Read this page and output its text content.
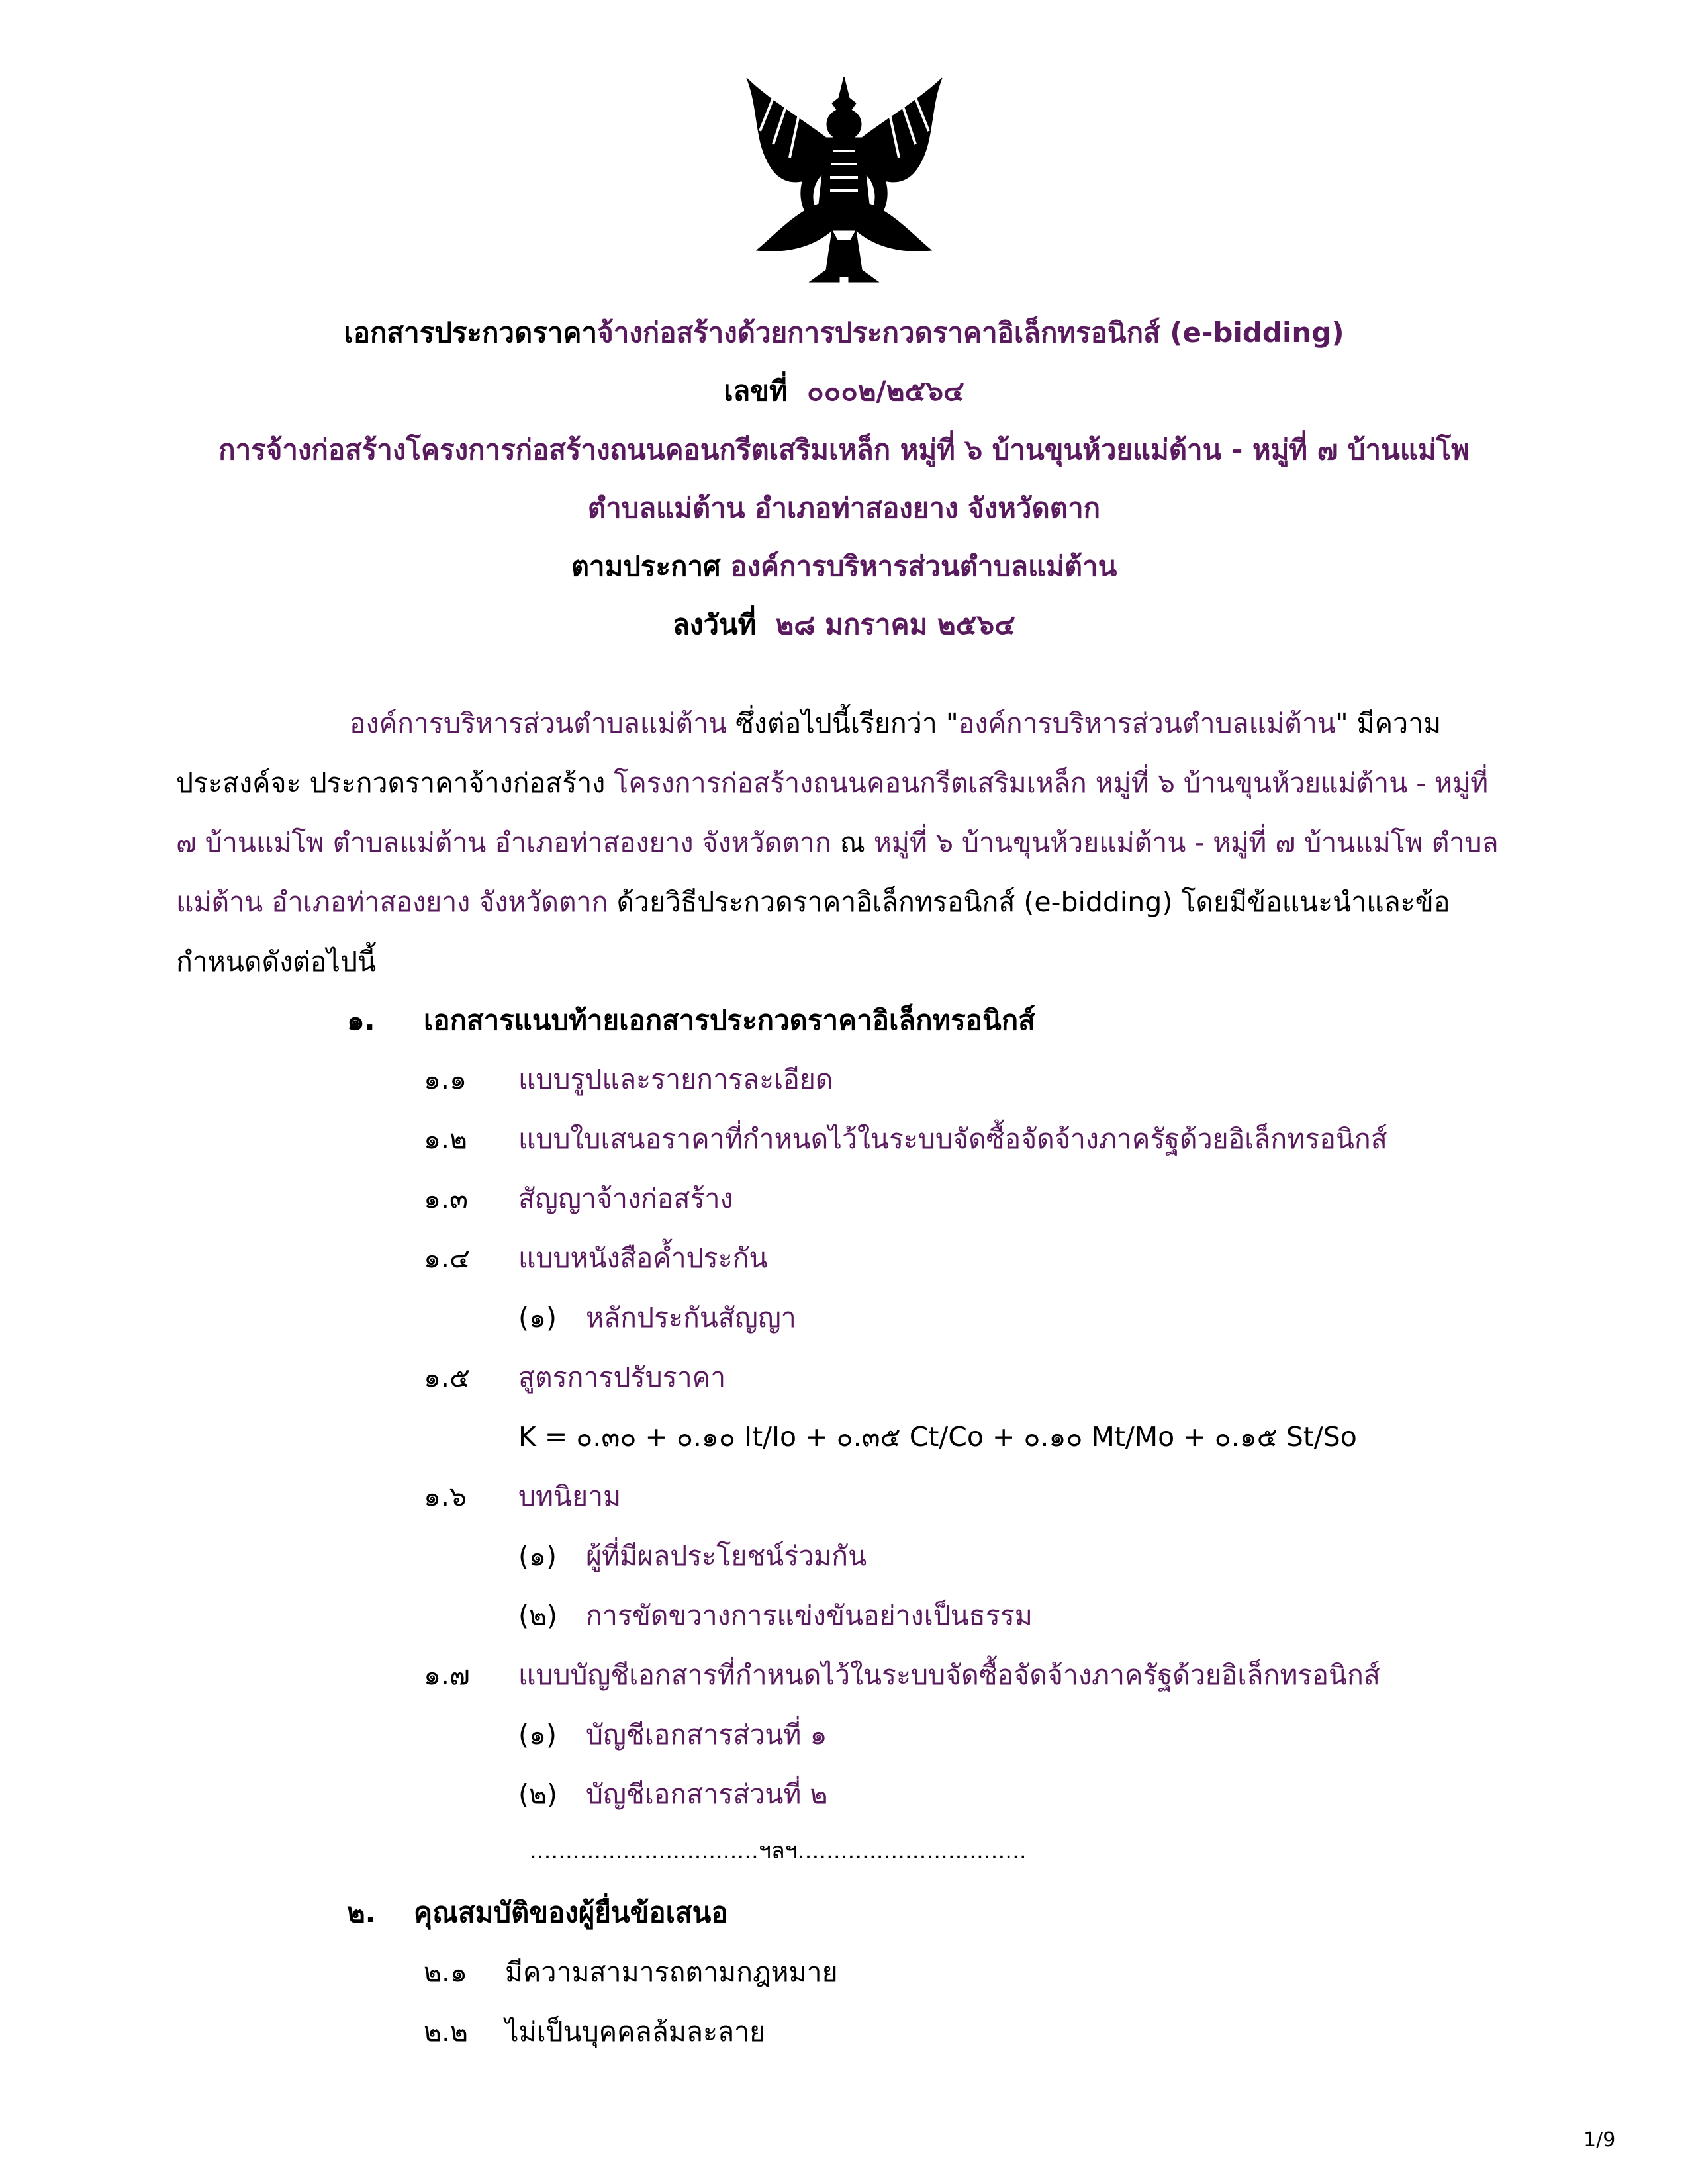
เอกสารประกวดราคาจ้างก่อสร้างด้วยการประกวดราคาอิเล็กทรอนิกส์ (e-bidding)
เลขที่ ๐๐๐๒/๒๕๖๔
การจ้างก่อสร้างโครงการก่อสร้างถนนคอนกรีตเสริมเหล็ก หมู่ที่ ๖ บ้านขุนห้วยแม่ต้าน - หมู่ที่ ๗ บ้านแม่โพ
ตำบลแม่ต้าน อำเภอท่าสองยาง จังหวัดตาก
ตามประกาศ องค์การบริหารส่วนตำบลแม่ต้าน
ลงวันที่ ๒๘ มกราคม ๒๕๖๔
องค์การบริหารส่วนตำบลแม่ต้าน ซึ่งต่อไปนี้เรียกว่า "องค์การบริหารส่วนตำบลแม่ต้าน" มีความ
ประสงค์จะ ประกวดราคาจ้างก่อสร้าง โครงการก่อสร้างถนนคอนกรีตเสริมเหล็ก หมู่ที่ ๖ บ้านขุนห้วยแม่ต้าน - หมู่ที่
๗ บ้านแม่โพ ตำบลแม่ต้าน อำเภอท่าสองยาง จังหวัดตาก ณ หมู่ที่ ๖ บ้านขุนห้วยแม่ต้าน - หมู่ที่ ๗ บ้านแม่โพ ตำบล
แม่ต้าน อำเภอท่าสองยาง จังหวัดตาก ด้วยวิธีประกวดราคาอิเล็กทรอนิกส์ (e-bidding) โดยมีข้อแนะนำและข้อ
กำหนดดังต่อไปนี้
๑. เอกสารแนบท้ายเอกสารประกวดราคาอิเล็กทรอนิกส์
๑.๑ แบบรูปและรายการละเอียด
๑.๒ แบบใบเสนอราคาที่กำหนดไว้ในระบบจัดซื้อจัดจ้างภาครัฐด้วยอิเล็กทรอนิกส์
๑.๓ สัญญาจ้างก่อสร้าง
๑.๔ แบบหนังสือค้ำประกัน
(๑) หลักประกันสัญญา
๑.๕ สูตรการปรับราคา
K = ๐.๓๐ + ๐.๑๐ It/Io + ๐.๓๕ Ct/Co + ๐.๑๐ Mt/Mo + ๐.๑๕ St/So
๑.๖ บทนิยาม
(๑) ผู้ที่มีผลประโยชน์ร่วมกัน
(๒) การขัดขวางการแข่งขันอย่างเป็นธรรม
๑.๗ แบบบัญชีเอกสารที่กำหนดไว้ในระบบจัดซื้อจัดจ้างภาครัฐด้วยอิเล็กทรอนิกส์
(๑) บัญชีเอกสารส่วนที่ ๑
(๒) บัญชีเอกสารส่วนที่ ๒
................................ฯลฯ................................
๒. คุณสมบัติของผู้ยื่นข้อเสนอ
๒.๑ มีความสามารถตามกฎหมาย
๒.๒ ไม่เป็นบุคคลล้มละลาย
1/9
